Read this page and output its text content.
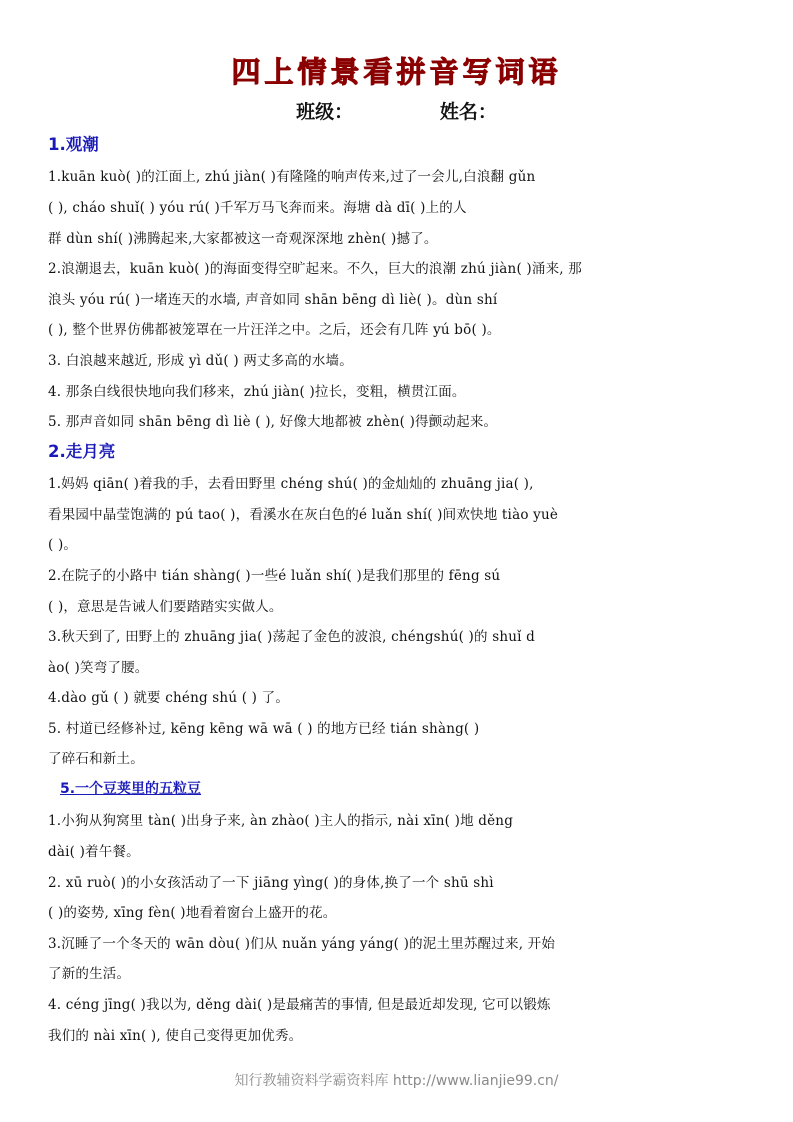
四上情景看拼音写词语
班级：	姓名：
1.观潮
1.kuān kuò( )的江面上, zhú jiàn( )有隆隆的响声传来,过了一会儿,白浪翻 gǔn
( ), cháo shuǐ( ) yóu rú( )千军万马飞奔而来。海塘 dà dī( )上的人
群 dùn shí( )沸腾起来,大家都被这一奇观深深地 zhèn( )撼了。
2.浪潮退去，kuān kuò( )的海面变得空旷起来。不久，巨大的浪潮 zhú jiàn( )涌来, 那
浪头 yóu rú( )一堵连天的水墙, 声音如同 shān bēng dì liè( )。dùn shí
( ), 整个世界仿佛都被笼罩在一片汪洋之中。之后，还会有几阵 yú bō( )。
3. 白浪越来越近, 形成 yì dǔ( ) 两丈多高的水墙。
4. 那条白线很快地向我们移来，zhú jiàn( )拉长，变粗，横贯江面。
5. 那声音如同 shān bēng dì liè ( ), 好像大地都被 zhèn( )得颤动起来。
2.走月亮
1.妈妈 qiān( )着我的手，去看田野里 chéng shú( )的金灿灿的 zhuāng jia( ),
看果园中晶莹饱满的 pú tao( )，看溪水在灰白色的é luǎn shí( )间欢快地 tiào yuè
( )。
2.在院子的小路中 tián shàng( )一些é luǎn shí( )是我们那里的 fēng sú
( )，意思是告诫人们要踏踏实实做人。
3.秋天到了, 田野上的 zhuāng jia( )荡起了金色的波浪, chéngshú( )的 shuǐ d
ào( )笑弯了腰。
4.dào gǔ ( ) 就要 chéng shú ( ) 了。
5. 村道已经修补过, kēng kēng wā wā ( ) 的地方已经 tián shàng( )
了碎石和新土。
5.一个豆荚里的五粒豆
1.小狗从狗窝里 tàn( )出身子来, àn zhào( )主人的指示, nài xīn( )地 děng
dài( )着午餐。
2. xū ruò( )的小女孩活动了一下 jiāng yìng( )的身体,换了一个 shū shì
( )的姿势, xīng fèn( )地看着窗台上盛开的花。
3.沉睡了一个冬天的 wān dòu( )们从 nuǎn yáng yáng( )的泥土里苏醒过来, 开始
了新的生活。
4. céng jīng( )我以为, děng dài( )是最痛苦的事情, 但是最近却发现, 它可以锻炼
我们的 nài xīn( ), 使自己变得更加优秀。
知行教辅资料学霸资料库 http://www.lianjie99.cn/
